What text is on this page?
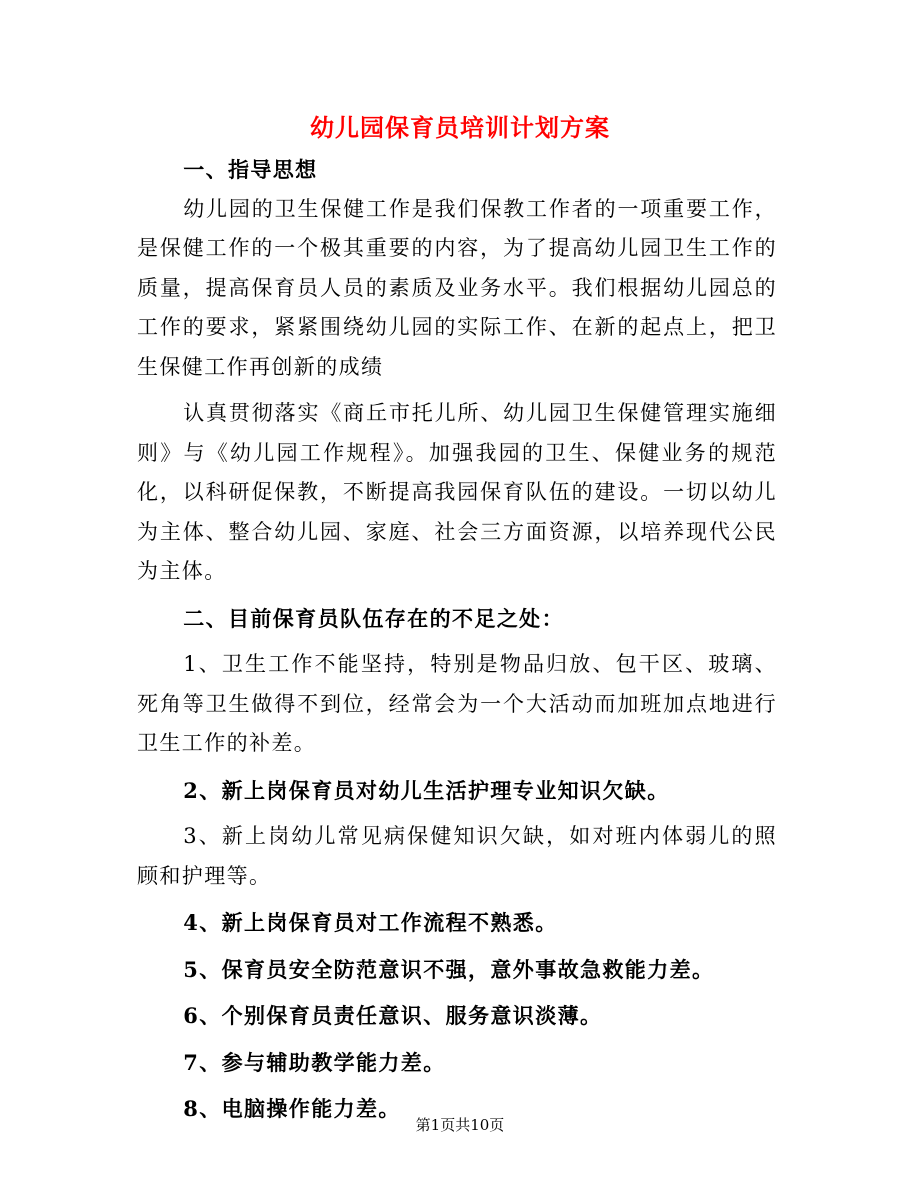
幼儿园保育员培训计划方案

一、指导思想

幼儿园的卫生保健工作是我们保教工作者的一项重要工作，是保健工作的一个极其重要的内容，为了提高幼儿园卫生工作的质量，提高保育员人员的素质及业务水平。我们根据幼儿园总的工作的要求，紧紧围绕幼儿园的实际工作、在新的起点上，把卫生保健工作再创新的成绩

认真贯彻落实《商丘市托儿所、幼儿园卫生保健管理实施细则》与《幼儿园工作规程》。加强我园的卫生、保健业务的规范化，以科研促保教，不断提高我园保育队伍的建设。一切以幼儿为主体、整合幼儿园、家庭、社会三方面资源，以培养现代公民为主体。

二、目前保育员队伍存在的不足之处：

1、卫生工作不能坚持，特别是物品归放、包干区、玻璃、死角等卫生做得不到位，经常会为一个大活动而加班加点地进行卫生工作的补差。

2、新上岗保育员对幼儿生活护理专业知识欠缺。

3、新上岗幼儿常见病保健知识欠缺，如对班内体弱儿的照顾和护理等。

4、新上岗保育员对工作流程不熟悉。

5、保育员安全防范意识不强，意外事故急救能力差。

6、个别保育员责任意识、服务意识淡薄。

7、参与辅助教学能力差。

8、电脑操作能力差。

第1页共10页
